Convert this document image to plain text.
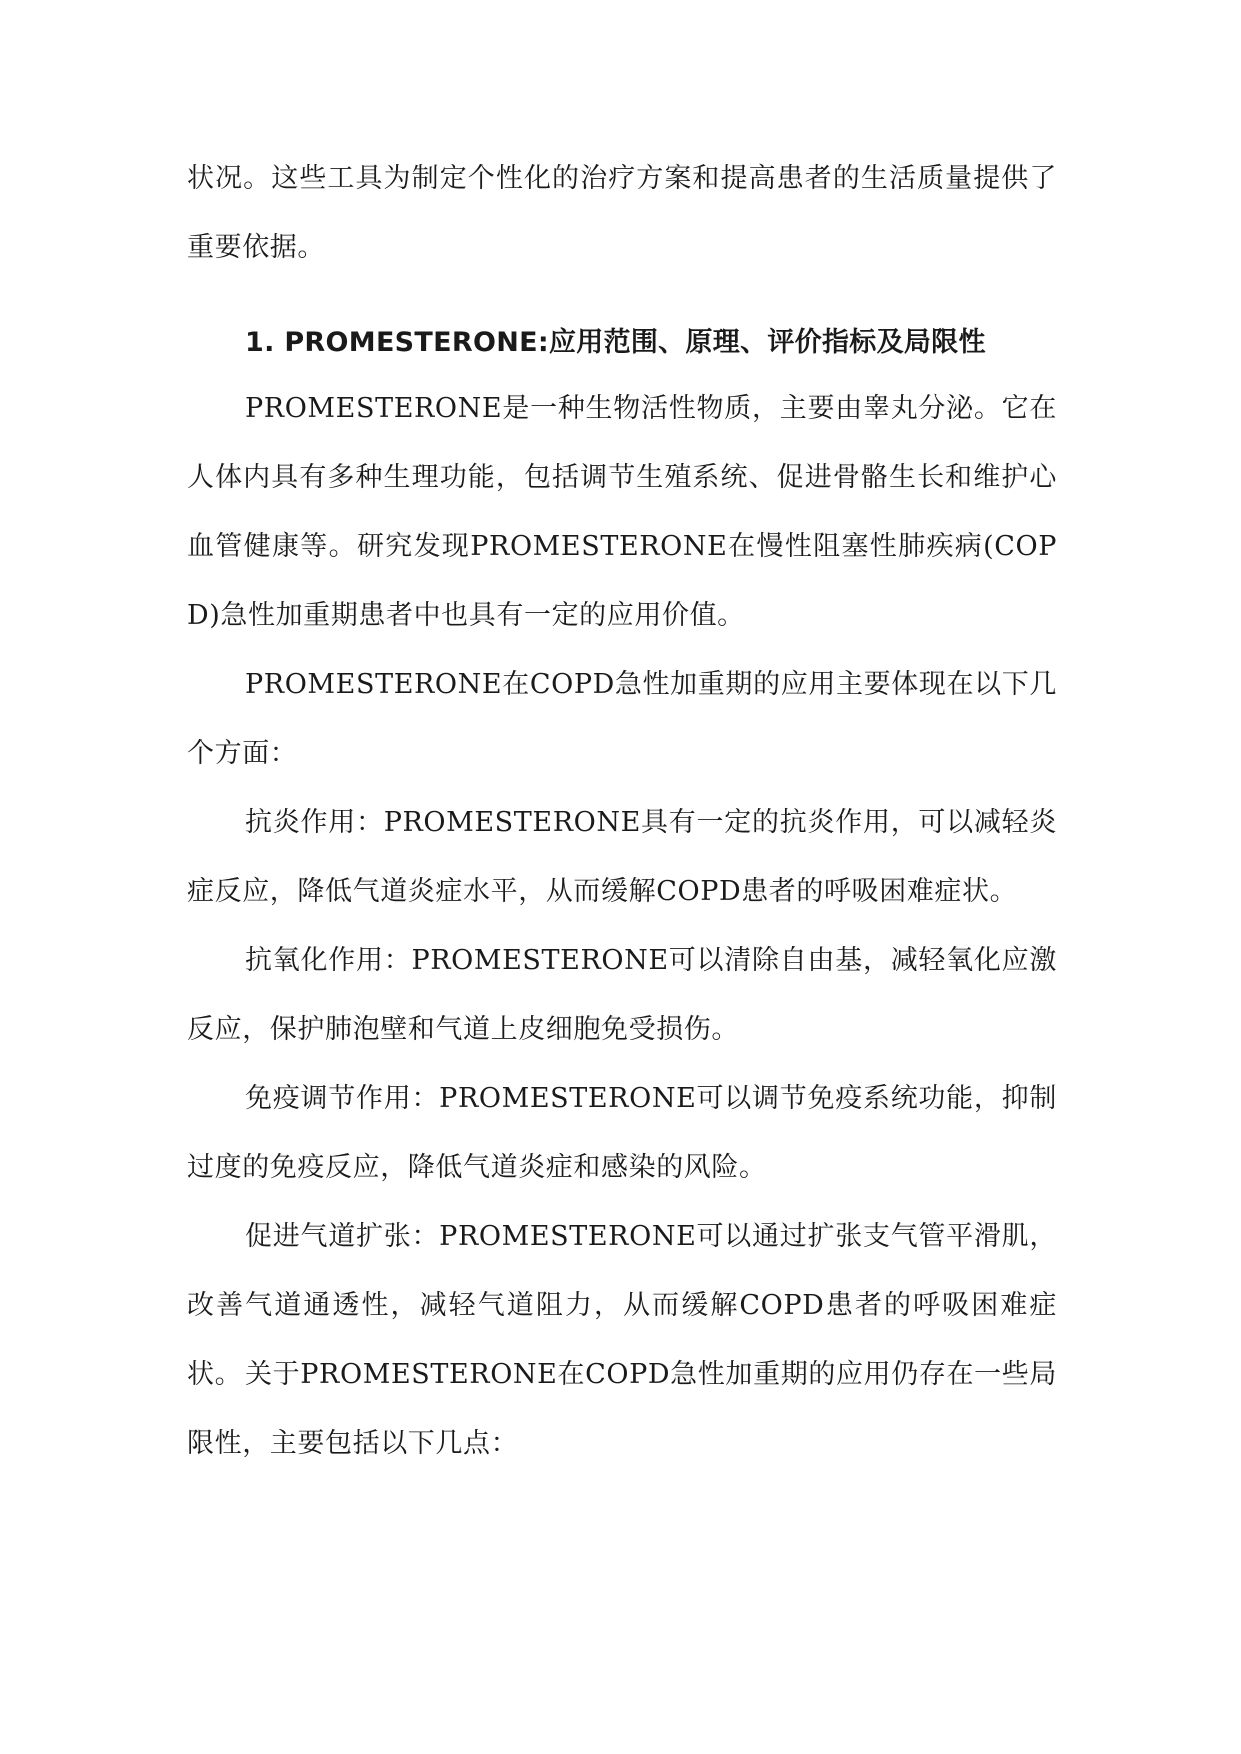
状况。这些工具为制定个性化的治疗方案和提高患者的生活质量提供了重要依据。

1. PROMESTERONE:应用范围、原理、评价指标及局限性

PROMESTERONE是一种生物活性物质，主要由睾丸分泌。它在人体内具有多种生理功能，包括调节生殖系统、促进骨骼生长和维护心血管健康等。研究发现PROMESTERONE在慢性阻塞性肺疾病(COPD)急性加重期患者中也具有一定的应用价值。

PROMESTERONE在COPD急性加重期的应用主要体现在以下几个方面：

抗炎作用：PROMESTERONE具有一定的抗炎作用，可以减轻炎症反应，降低气道炎症水平，从而缓解COPD患者的呼吸困难症状。

抗氧化作用：PROMESTERONE可以清除自由基，减轻氧化应激反应，保护肺泡壁和气道上皮细胞免受损伤。

免疫调节作用：PROMESTERONE可以调节免疫系统功能，抑制过度的免疫反应，降低气道炎症和感染的风险。

促进气道扩张：PROMESTERONE可以通过扩张支气管平滑肌，改善气道通透性，减轻气道阻力，从而缓解COPD患者的呼吸困难症状。 关于PROMESTERONE在COPD急性加重期的应用仍存在一些局限性，主要包括以下几点：
